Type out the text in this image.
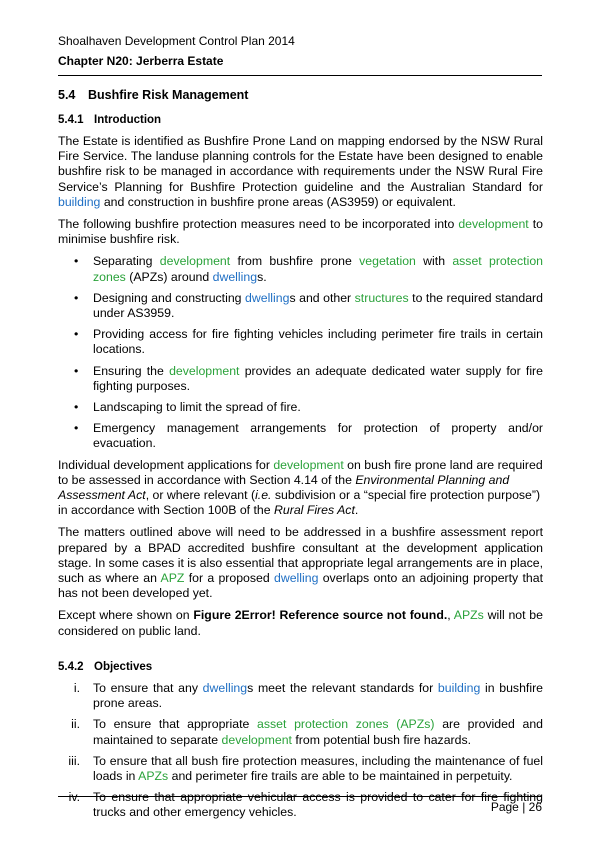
Shoalhaven Development Control Plan 2014
Chapter N20: Jerberra Estate
5.4	Bushfire Risk Management
5.4.1 Introduction

The Estate is identified as Bushfire Prone Land on mapping endorsed by the NSW Rural Fire Service. The landuse planning controls for the Estate have been designed to enable bushfire risk to be managed in accordance with requirements under the NSW Rural Fire Service’s Planning for Bushfire Protection guideline and the Australian Standard for building and construction in bushfire prone areas (AS3959) or equivalent.

The following bushfire protection measures need to be incorporated into development to minimise bushfire risk.

• Separating development from bushfire prone vegetation with asset protection zones (APZs) around dwellings.
• Designing and constructing dwellings and other structures to the required standard under AS3959.
• Providing access for fire fighting vehicles including perimeter fire trails in certain locations.
• Ensuring the development provides an adequate dedicated water supply for fire fighting purposes.
• Landscaping to limit the spread of fire.
• Emergency management arrangements for protection of property and/or evacuation.

Individual development applications for development on bush fire prone land are required to be assessed in accordance with Section 4.14 of the Environmental Planning and Assessment Act, or where relevant (i.e. subdivision or a “special fire protection purpose”) in accordance with Section 100B of the Rural Fires Act.

The matters outlined above will need to be addressed in a bushfire assessment report prepared by a BPAD accredited bushfire consultant at the development application stage. In some cases it is also essential that appropriate legal arrangements are in place, such as where an APZ for a proposed dwelling overlaps onto an adjoining property that has not been developed yet.

Except where shown on Figure 2Error! Reference source not found., APZs will not be considered on public land.

5.4.2 Objectives
i. To ensure that any dwellings meet the relevant standards for building in bushfire prone areas.
ii. To ensure that appropriate asset protection zones (APZs) are provided and maintained to separate development from potential bush fire hazards.
iii. To ensure that all bush fire protection measures, including the maintenance of fuel loads in APZs and perimeter fire trails are able to be maintained in perpetuity.
iv. To ensure that appropriate vehicular access is provided to cater for fire fighting trucks and other emergency vehicles.	Page | 26
